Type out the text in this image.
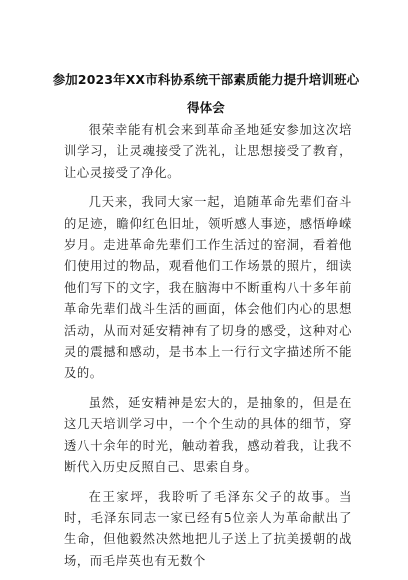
参加2023年XX市科协系统干部素质能力提升培训班心得体会

很荣幸能有机会来到革命圣地延安参加这次培训学习，让灵魂接受了洗礼，让思想接受了教育，让心灵接受了净化。

几天来，我同大家一起，追随革命先辈们奋斗的足迹，瞻仰红色旧址，领听感人事迹，感悟峥嵘岁月。走进革命先辈们工作生活过的窑洞，看着他们使用过的物品，观看他们工作场景的照片，细读他们写下的文字，我在脑海中不断重构八十多年前革命先辈们战斗生活的画面，体会他们内心的思想活动，从而对延安精神有了切身的感受，这种对心灵的震撼和感动，是书本上一行行文字描述所不能及的。

虽然，延安精神是宏大的，是抽象的，但是在这几天培训学习中，一个个生动的具体的细节，穿透八十余年的时光，触动着我，感动着我，让我不断代入历史反照自己、思索自身。

在王家坪，我聆听了毛泽东父子的故事。当时，毛泽东同志一家已经有5位亲人为革命献出了生命，但他毅然决然地把儿子送上了抗美援朝的战场，而毛岸英也有无数个
